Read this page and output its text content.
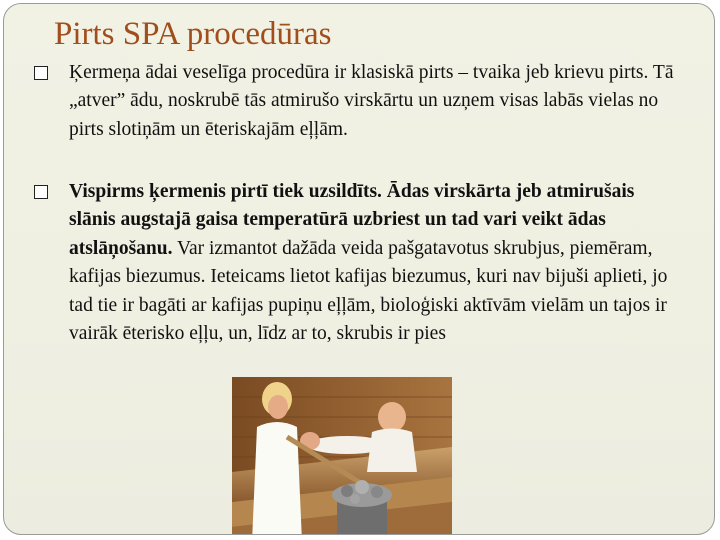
Pirts SPA procedūras
Ķermeņa ādai veselīga procedūra ir klasiskā pirts – tvaika jeb krievu pirts. Tā „atver” ādu, noskrubē tās atmirušo virskārtu un uzņem visas labās vielas no pirts slotiņām un ēteriskajām eļļām.
Vispirms ķermenis pirtī tiek uzsildīts. Ādas virskārta jeb atmirušais slānis augstajā gaisa temperatūrā uzbriest un tad vari veikt ādas atslāņošanu. Var izmantot dažāda veida pašgatavotus skrubjus, piemēram, kafijas biezumus. Ieteicams lietot kafijas biezumus, kuri nav bijuši aplieti, jo tad tie ir bagāti ar kafijas pupiņu eļļām, bioloģiski aktīvām vielām un tajos ir vairāk ēterisko eļļu, un, līdz ar to, skrubis ir pies
